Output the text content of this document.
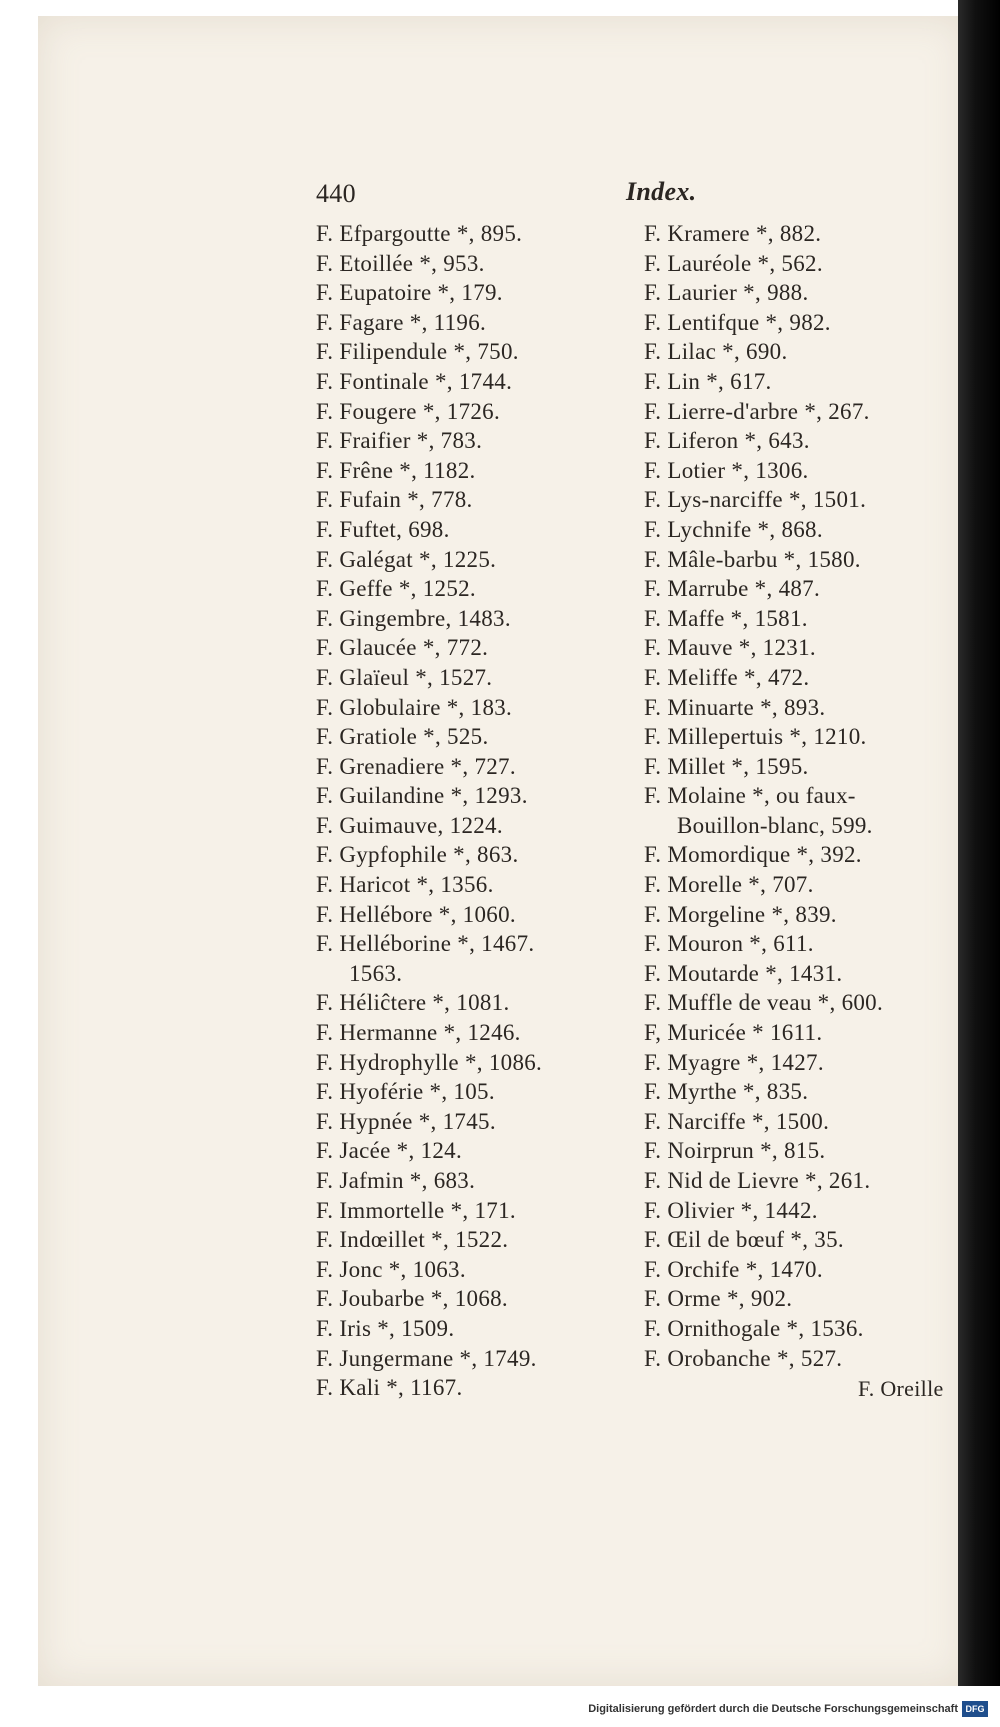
440	Index.
F. Efpargoutte *, 895.
F. Etoillée *, 953.
F. Eupatoire *, 179.
F. Fagare *, 1196.
F. Filipendule *, 750.
F. Fontinale *, 1744.
F. Fougere *, 1726.
F. Fraifier *, 783.
F. Frêne *, 1182.
F. Fufain *, 778.
F. Fuftet, 698.
F. Galégat *, 1225.
F. Geffe *, 1252.
F. Gingembre, 1483.
F. Glaucée *, 772.
F. Glaïeul *, 1527.
F. Globulaire *, 183.
F. Gratiole *, 525.
F. Grenadiere *, 727.
F. Guilandine *, 1293.
F. Guimauve, 1224.
F. Gypfophile *, 863.
F. Haricot *, 1356.
F. Hellébore *, 1060.
F. Helléborine *, 1467.
1563.
F. Héliĉtere *, 1081.
F. Hermanne *, 1246.
F. Hydrophylle *, 1086.
F. Hyoférie *, 105.
F. Hypnée *, 1745.
F. Jacée *, 124.
F. Jafmin *, 683.
F. Immortelle *, 171.
F. Indœillet *, 1522.
F. Jonc *, 1063.
F. Joubarbe *, 1068.
F. Iris *, 1509.
F. Jungermane *, 1749.
F. Kali *, 1167.
F. Kramere *, 882.
F. Lauréole *, 562.
F. Laurier *, 988.
F. Lentifque *, 982.
F. Lilac *, 690.
F. Lin *, 617.
F. Lierre-d'arbre *, 267.
F. Liferon *, 643.
F. Lotier *, 1306.
F. Lys-narciffe *, 1501.
F. Lychnife *, 868.
F. Mâle-barbu *, 1580.
F. Marrube *, 487.
F. Maffe *, 1581.
F. Mauve *, 1231.
F. Meliffe *, 472.
F. Minuarte *, 893.
F. Millepertuis *, 1210.
F. Millet *, 1595.
F. Molaine *, ou faux-
Bouillon-blanc, 599.
F. Momordique *, 392.
F. Morelle *, 707.
F. Morgeline *, 839.
F. Mouron *, 611.
F. Moutarde *, 1431.
F. Muffle de veau *, 600.
F, Muricée * 1611.
F. Myagre *, 1427.
F. Myrthe *, 835.
F. Narciffe *, 1500.
F. Noirprun *, 815.
F. Nid de Lievre *, 261.
F. Olivier *, 1442.
F. Œil de bœuf *, 35.
F. Orchife *, 1470.
F. Orme *, 902.
F. Ornithogale *, 1536.
F. Orobanche *, 527.
F. Oreille
Digitalisierung gefördert durch die Deutsche Forschungsgemeinschaft DFG
